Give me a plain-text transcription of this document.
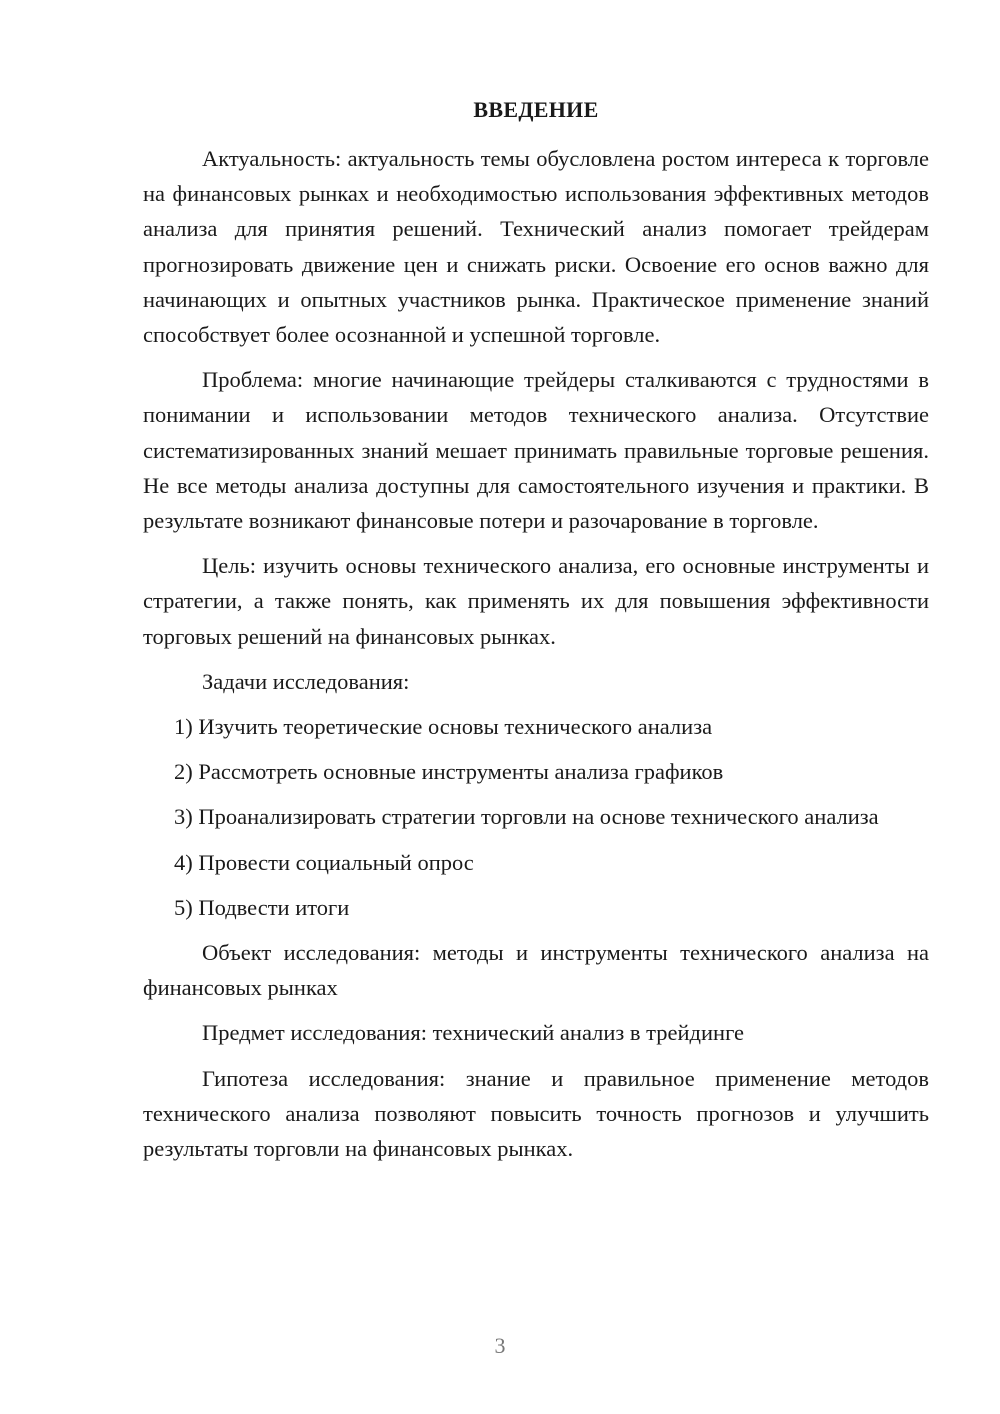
ВВЕДЕНИЕ

Актуальность: актуальность темы обусловлена ростом интереса к торговле на финансовых рынках и необходимостью использования эффективных методов анализа для принятия решений. Технический анализ помогает трейдерам прогнозировать движение цен и снижать риски. Освоение его основ важно для начинающих и опытных участников рынка. Практическое применение знаний способствует более осознанной и успешной торговле.

Проблема: многие начинающие трейдеры сталкиваются с трудностями в понимании и использовании методов технического анализа. Отсутствие систематизированных знаний мешает принимать правильные торговые решения. Не все методы анализа доступны для самостоятельного изучения и практики. В результате возникают финансовые потери и разочарование в торговле.

Цель: изучить основы технического анализа, его основные инструменты и стратегии, а также понять, как применять их для повышения эффективности торговых решений на финансовых рынках.

Задачи исследования:

1) Изучить теоретические основы технического анализа

2) Рассмотреть основные инструменты анализа графиков

3) Проанализировать стратегии торговли на основе технического анализа

4) Провести социальный опрос

5) Подвести итоги

Объект исследования: методы и инструменты технического анализа на финансовых рынках

Предмет исследования: технический анализ в трейдинге

Гипотеза исследования: знание и правильное применение методов технического анализа позволяют повысить точность прогнозов и улучшить результаты торговли на финансовых рынках.

3
